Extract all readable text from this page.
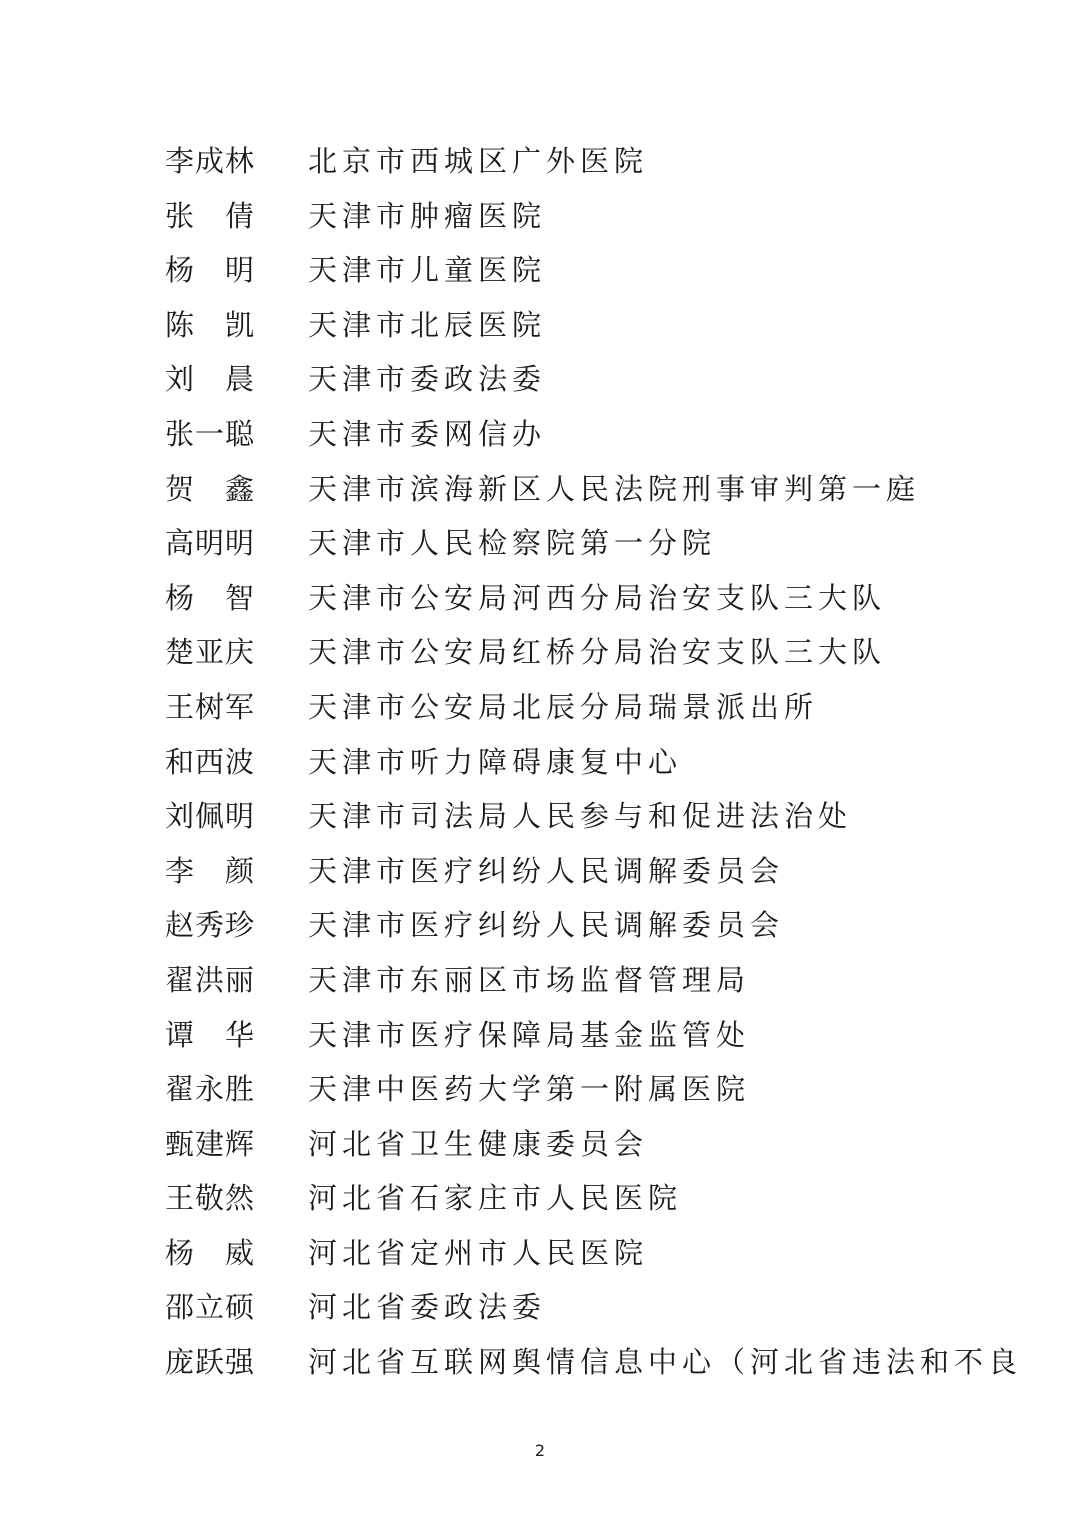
李成林 北京市西城区广外医院
张　倩 天津市肿瘤医院
杨　明 天津市儿童医院
陈　凯 天津市北辰医院
刘　晨 天津市委政法委
张一聪 天津市委网信办
贺　鑫 天津市滨海新区人民法院刑事审判第一庭
高明明 天津市人民检察院第一分院
杨　智 天津市公安局河西分局治安支队三大队
楚亚庆 天津市公安局红桥分局治安支队三大队
王树军 天津市公安局北辰分局瑞景派出所
和西波 天津市听力障碍康复中心
刘佩明 天津市司法局人民参与和促进法治处
李　颜 天津市医疗纠纷人民调解委员会
赵秀珍 天津市医疗纠纷人民调解委员会
翟洪丽 天津市东丽区市场监督管理局
谭　华 天津市医疗保障局基金监管处
翟永胜 天津中医药大学第一附属医院
甄建辉 河北省卫生健康委员会
王敬然 河北省石家庄市人民医院
杨　威 河北省定州市人民医院
邵立硕 河北省委政法委
庞跃强 河北省互联网舆情信息中心（河北省违法和不良
2
